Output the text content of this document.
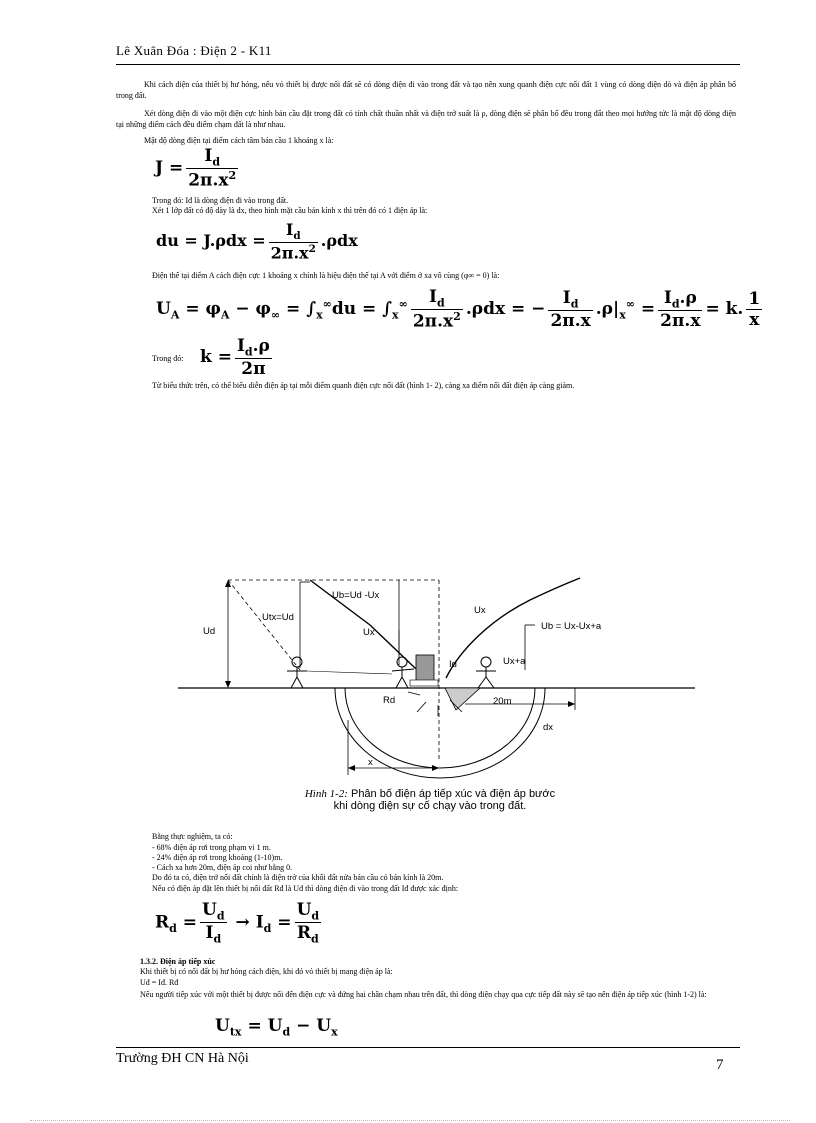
Lê Xuân Đóa : Điện 2 - K11
Khi cách điện của thiết bị hư hỏng, nếu vỏ thiết bị được nối đất sẽ có dòng điện đi vào trong đất và tạo nên xung quanh điện cực nối đất 1 vùng có dòng điện dò và điện áp phân bố trong đất.
Xét dòng điện đi vào một điện cực hình bán cầu đặt trong đất có tính chất thuần nhất và điện trở suất là ρ, dòng điện sẽ phân bố đều trong đất theo mọi hướng tức là mật độ dòng điện tại những điểm cách đều điểm chạm đất là như nhau.
Mật độ dòng điện tại điểm cách tâm bán cầu 1 khoảng x là:
$J = \frac{I_d}{2\pi.x^2}$
Trong đó: Iđ là dòng điện đi vào trong đất.
Xét 1 lớp đất có độ dày là dx, theo hình mặt cầu bán kính x thì trên đó có 1 điện áp là:
du = $J.\rho dx = \frac{I_d}{2\pi.x^2} .\rho dx$
Điện thế tại điểm A cách điện cực 1 khoảng x chính là hiệu điện thế tại A với điểm ở xa vô cùng (φ∞ = 0) là:
$U_A = \varphi_A - \varphi_\infty = \int_x^\infty du = \int_x^\infty \frac{I_d}{2\pi.x^2} .\rho dx$ = − $\frac{I_d}{2\pi.x} .\rho|_x^\infty = \frac{I_d.\rho}{2\pi.x} = k$. $\frac{1}{x}$
Trong đó: $k = \frac{I_d.\rho}{2\pi}$
Từ biểu thức trên, có thể biểu diễn điện áp tại mỗi điểm quanh điện cực nối đất (hình 1- 2), càng xa điểm nối đất điện áp càng giảm.
Ud
Utx=Ud
Ub=Ud -Ux
Ux
Ux
Ub = Ux-Ux+a
Ux+a
Id
Rd	20m
dx
x
Hình 1-2: Phân bố điện áp tiếp xúc và điện áp bước
khi dòng điện sự cố chạy vào trong đất.
Bằng thực nghiệm, ta có:
- 68% điện áp rơi trong phạm vi 1 m.
- 24% điện áp rơi trong khoảng (1-10)m.
- Cách xa hơn 20m, điện áp coi như bằng 0.
Do đó ta có, điện trở nối đất chính là điện trở của khối đất nửa bán cầu có bán kính là 20m.
Nếu có điện áp đặt lên thiết bị nối đất Rđ là Uđ thì dòng điện đi vào trong đất Iđ được xác định:
$R_d = \frac{U_d}{I_d} \to I_d = \frac{U_d}{R_d}$
1.3.2. Điện áp tiếp xúc
Khi thiết bị có nối đất bị hư hỏng cách điện, khi đó vỏ thiết bị mang điện áp là:
Uđ = Iđ. Rđ
Nếu người tiếp xúc với một thiết bị được nối đến điện cực và đứng hai chân chạm nhau trên đất, thì dòng điện chạy qua cực tiếp đất này sẽ tạo nên điện áp tiếp xúc (hình 1-2) là:
$U_{tx} = U_d - U_x$
Trường ĐH CN Hà Nội	7
